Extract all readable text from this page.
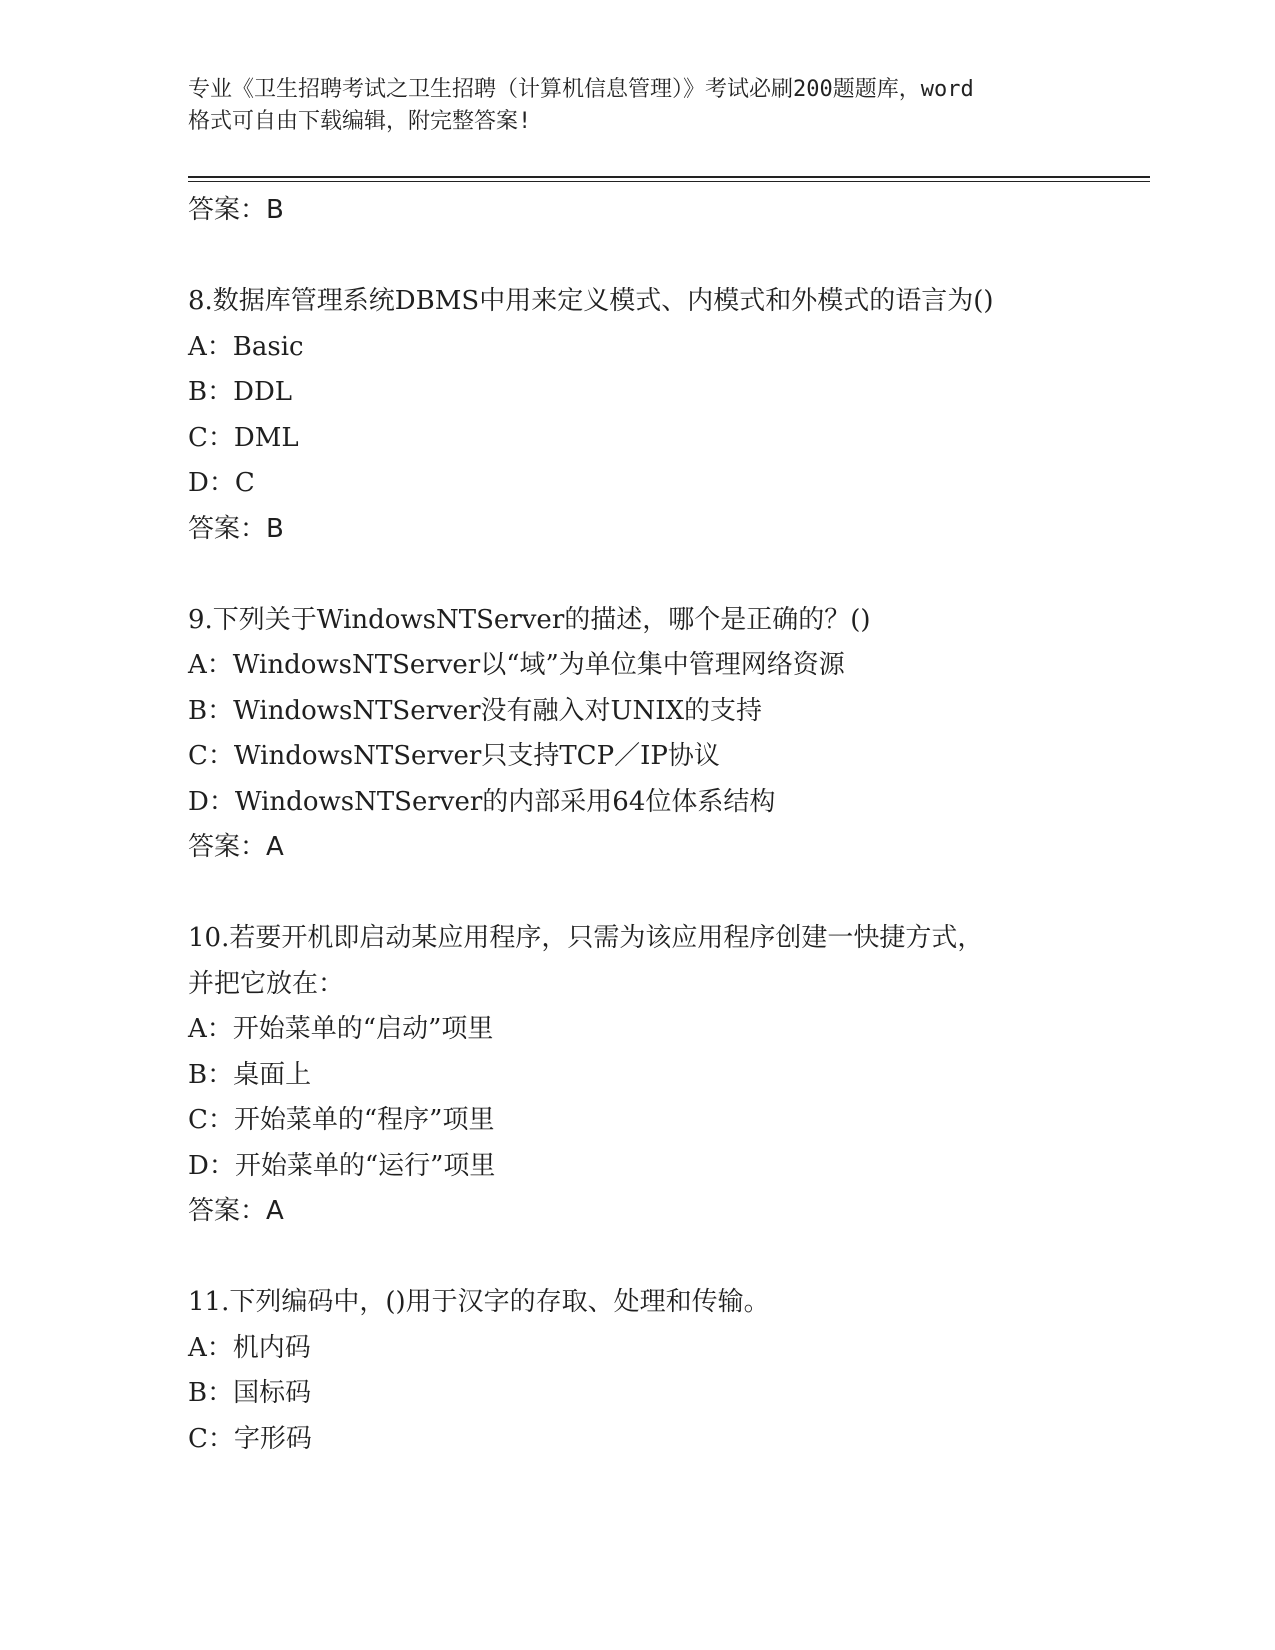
专业《卫生招聘考试之卫生招聘（计算机信息管理）》考试必刷200题题库，word
格式可自由下载编辑，附完整答案!
答案：B
8.数据库管理系统DBMS中用来定义模式、内模式和外模式的语言为()
A：Basic
B：DDL
C：DML
D：C
答案：B
9.下列关于WindowsNTServer的描述，哪个是正确的？()
A：WindowsNTServer以“域”为单位集中管理网络资源
B：WindowsNTServer没有融入对UNIX的支持
C：WindowsNTServer只支持TCP／IP协议
D：WindowsNTServer的内部采用64位体系结构
答案：A
10.若要开机即启动某应用程序，只需为该应用程序创建一快捷方式，
并把它放在：
A：开始菜单的“启动”项里
B：桌面上
C：开始菜单的“程序”项里
D：开始菜单的“运行”项里
答案：A
11.下列编码中，()用于汉字的存取、处理和传输。
A：机内码
B：国标码
C：字形码
